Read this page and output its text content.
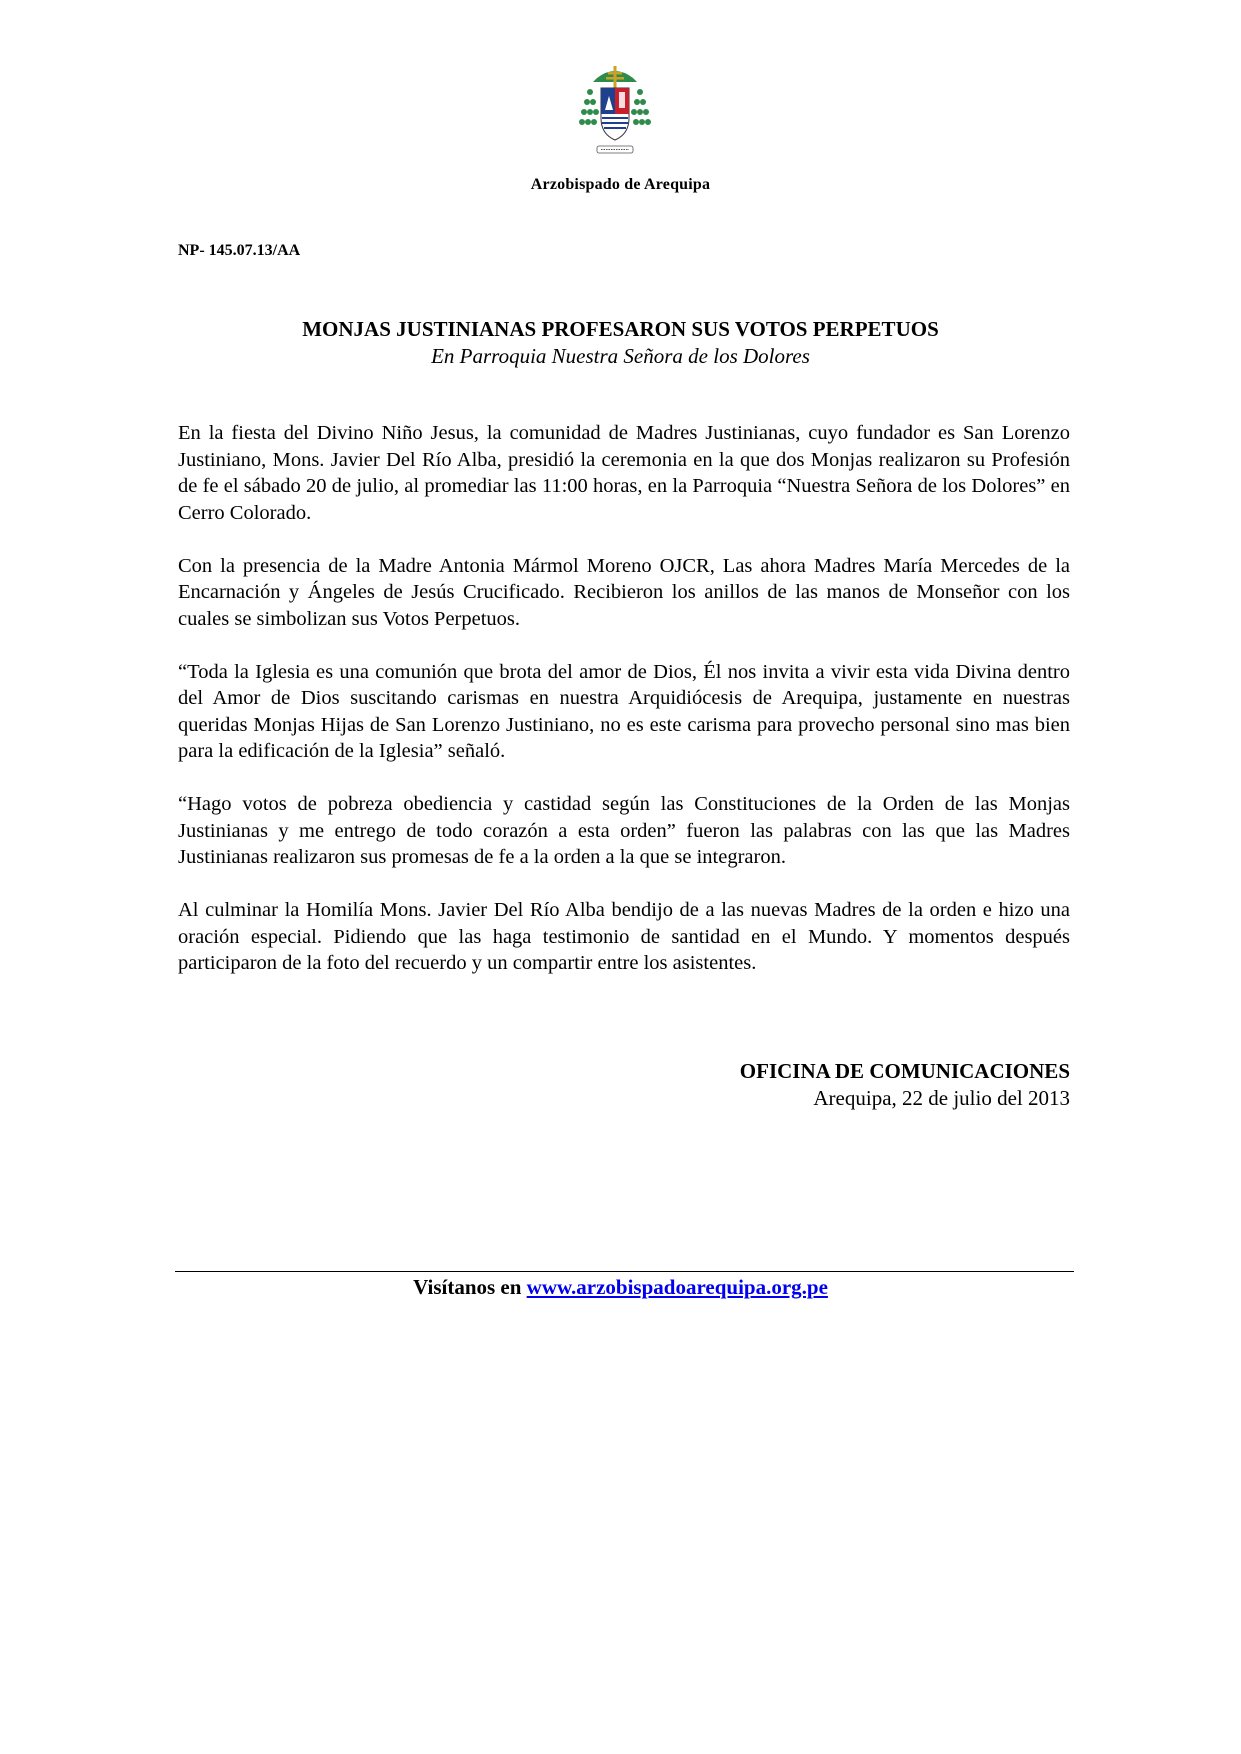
Arzobispado de Arequipa
NP- 145.07.13/AA
MONJAS JUSTINIANAS PROFESARON SUS VOTOS PERPETUOS
En Parroquia Nuestra Señora de los Dolores

En la fiesta del Divino Niño Jesus, la comunidad de Madres Justinianas, cuyo fundador es San Lorenzo Justiniano, Mons. Javier Del Río Alba, presidió la ceremonia en la que dos Monjas realizaron su Profesión de fe el sábado 20 de julio, al promediar las 11:00 horas, en la Parroquia “Nuestra Señora de los Dolores” en Cerro Colorado.

Con la presencia de la Madre Antonia Mármol Moreno OJCR, Las ahora Madres María Mercedes de la Encarnación y Ángeles de Jesús Crucificado. Recibieron los anillos de las manos de Monseñor con los cuales se simbolizan sus Votos Perpetuos.

“Toda la Iglesia es una comunión que brota del amor de Dios, Él nos invita a vivir esta vida Divina dentro del Amor de Dios suscitando carismas en nuestra Arquidiócesis de Arequipa, justamente en nuestras queridas Monjas Hijas de San Lorenzo Justiniano, no es este carisma para provecho personal sino mas bien para la edificación de la Iglesia” señaló.

“Hago votos de pobreza obediencia y castidad según las Constituciones de la Orden de las Monjas Justinianas y me entrego de todo corazón a esta orden” fueron las palabras con las que las Madres Justinianas realizaron sus promesas de fe a la orden a la que se integraron.

Al culminar la Homilía Mons. Javier Del Río Alba bendijo de a las nuevas Madres de la orden e hizo una oración especial. Pidiendo que las haga testimonio de santidad en el Mundo. Y momentos después participaron de la foto del recuerdo y un compartir entre los asistentes.

OFICINA DE COMUNICACIONES
Arequipa, 22 de julio del 2013
Visítanos en www.arzobispadoarequipa.org.pe
